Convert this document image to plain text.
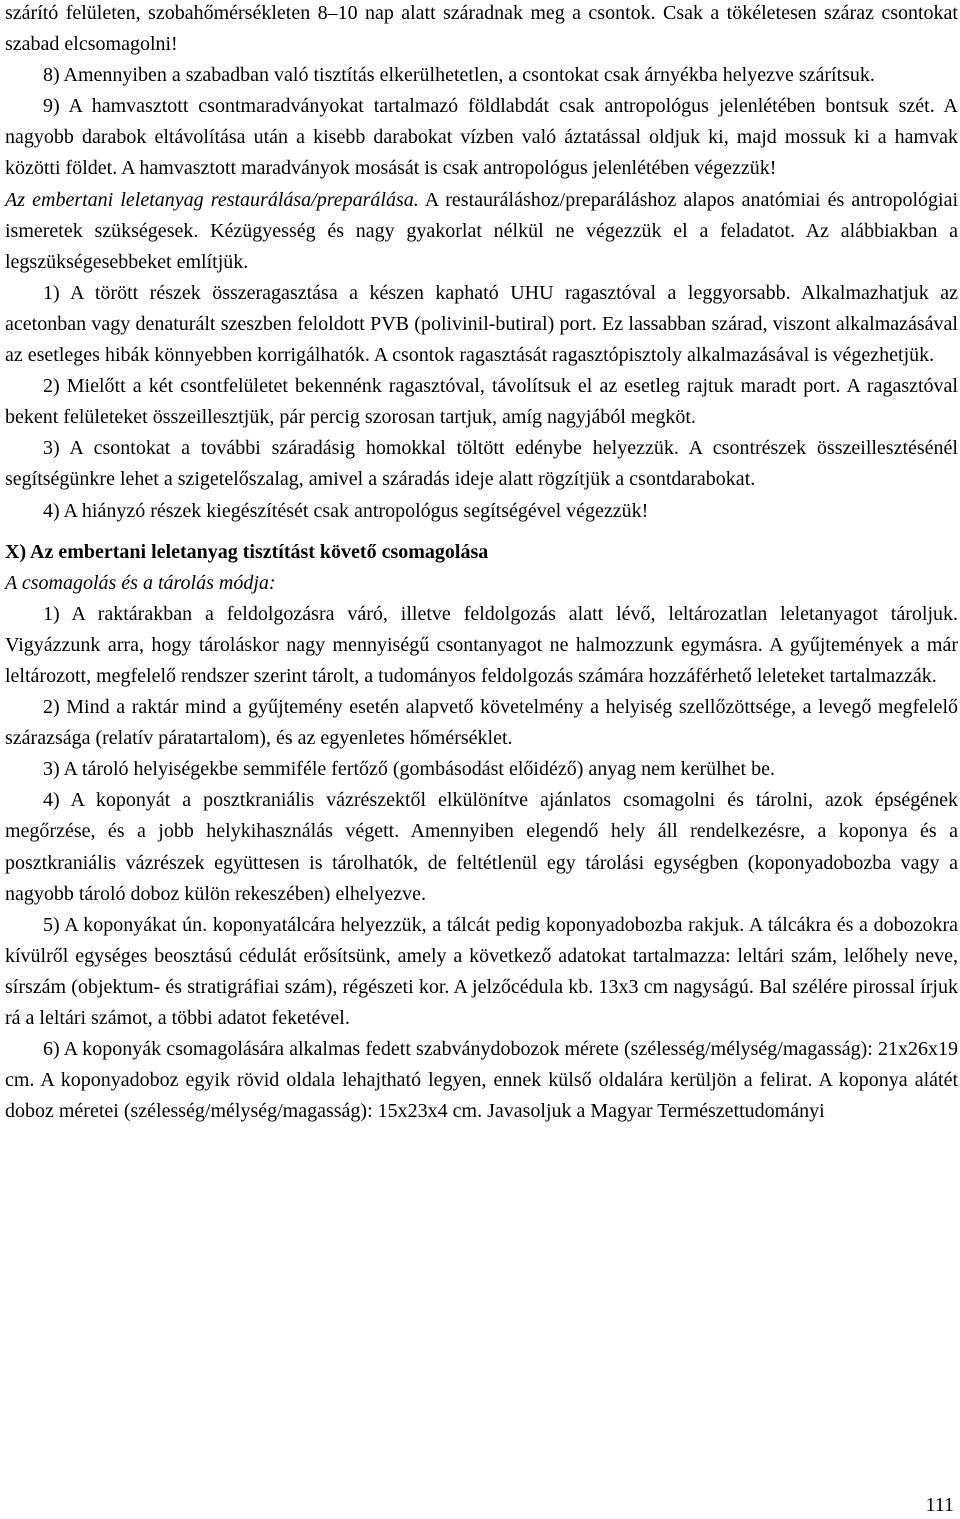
szárító felületen, szobahőmérsékleten 8–10 nap alatt száradnak meg a csontok. Csak a tökéletesen száraz csontokat szabad elcsomagolni!

8) Amennyiben a szabadban való tisztítás elkerülhetetlen, a csontokat csak árnyékba helyezve szárítsuk.

9) A hamvasztott csontmaradványokat tartalmazó földlabdát csak antropológus jelenlétében bontsuk szét. A nagyobb darabok eltávolítása után a kisebb darabokat vízben való áztatással oldjuk ki, majd mossuk ki a hamvak közötti földet. A hamvasztott maradványok mosását is csak antropológus jelenlétében végezzük!

Az embertani leletanyag restaurálása/preparálása. A restauráláshoz/preparáláshoz alapos anatómiai és antropológiai ismeretek szükségesek. Kézügyesség és nagy gyakorlat nélkül ne végezzük el a feladatot. Az alábbiakban a legszükségesebbeket említjük.

1) A törött részek összeragasztása a készen kapható UHU ragasztóval a leggyorsabb. Alkalmazhatjuk az acetonban vagy denaturált szeszben feloldott PVB (polivinil-butiral) port. Ez lassabban szárad, viszont alkalmazásával az esetleges hibák könnyebben korrigálhatók. A csontok ragasztását ragasztópisztoly alkalmazásával is végezhetjük.

2) Mielőtt a két csontfelületet bekennénk ragasztóval, távolítsuk el az esetleg rajtuk maradt port. A ragasztóval bekent felületeket összeillesztjük, pár percig szorosan tartjuk, amíg nagyjából megköt.

3) A csontokat a további száradásig homokkal töltött edénybe helyezzük. A csontrészek összeillesztésénél segítségünkre lehet a szigetelőszalag, amivel a száradás ideje alatt rögzítjük a csontdarabokat.

4) A hiányzó részek kiegészítését csak antropológus segítségével végezzük!

X) Az embertani leletanyag tisztítást követő csomagolása

A csomagolás és a tárolás módja:

1) A raktárakban a feldolgozásra váró, illetve feldolgozás alatt lévő, leltározatlan leletanyagot tároljuk. Vigyázzunk arra, hogy tároláskor nagy mennyiségű csontanyagot ne halmozzunk egymásra. A gyűjtemények a már leltározott, megfelelő rendszer szerint tárolt, a tudományos feldolgozás számára hozzáférhető leleteket tartalmazzák.

2) Mind a raktár mind a gyűjtemény esetén alapvető követelmény a helyiség szellőzöttsége, a levegő megfelelő szárazsága (relatív páratartalom), és az egyenletes hőmérséklet.

3) A tároló helyiségekbe semmiféle fertőző (gombásodást előidéző) anyag nem kerülhet be.

4) A koponyát a posztkraniális vázrészektől elkülönítve ajánlatos csomagolni és tárolni, azok épségének megőrzése, és a jobb helykihasználás végett. Amennyiben elegendő hely áll rendelkezésre, a koponya és a posztkraniális vázrészek együttesen is tárolhatók, de feltétlenül egy tárolási egységben (koponyadobozba vagy a nagyobb tároló doboz külön rekeszében) elhelyezve.

5) A koponyákat ún. koponyatálcára helyezzük, a tálcát pedig koponyadobozba rakjuk. A tálcákra és a dobozokra kívülről egységes beosztású cédulát erősítsünk, amely a következő adatokat tartalmazza: leltári szám, lelőhely neve, sírszám (objektum- és stratigráfiai szám), régészeti kor. A jelzőcédula kb. 13x3 cm nagyságú. Bal szélére pirossal írjuk rá a leltári számot, a többi adatot feketével.

6) A koponyák csomagolására alkalmas fedett szabványdobozok mérete (szélesség/mélység/magasság): 21x26x19 cm. A koponyadoboz egyik rövid oldala lehajtható legyen, ennek külső oldalára kerüljön a felirat. A koponya alátét doboz méretei (szélesség/mélység/magasság): 15x23x4 cm. Javasoljuk a Magyar Természettudományi

111
